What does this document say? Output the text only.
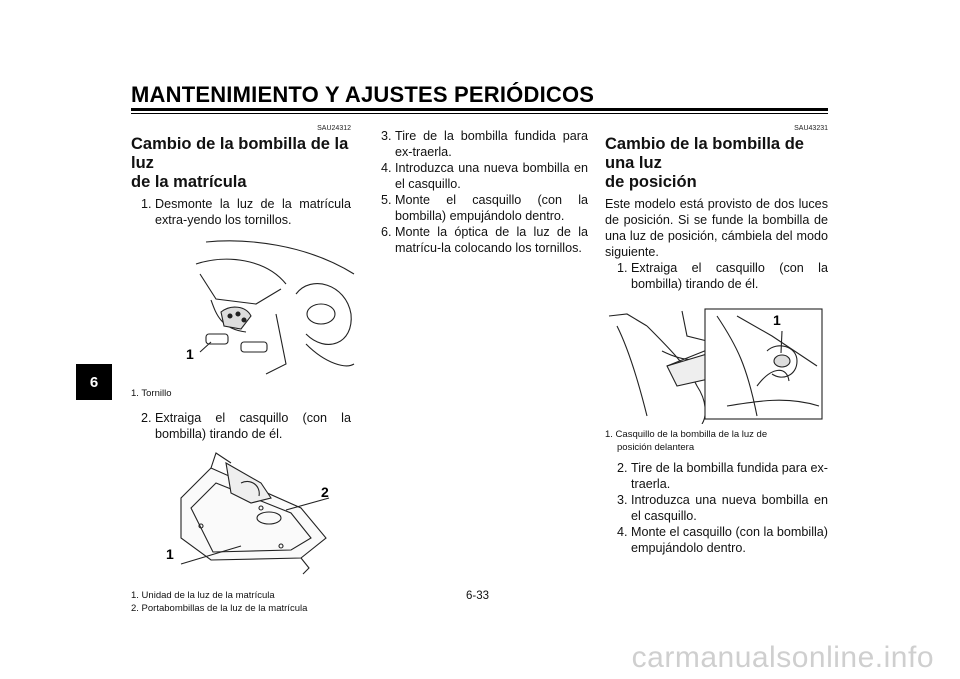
MANTENIMIENTO Y AJUSTES PERIÓDICOS
6
SAU24312
Cambio de la bombilla de la luz
de la matrícula
1. Desmonte la luz de la matrícula extra-yendo los tornillos.
1
1. Tornillo
2. Extraiga el casquillo (con la bombilla) tirando de él.
2
1
1. Unidad de la luz de la matrícula
2. Portabombillas de la luz de la matrícula
3. Tire de la bombilla fundida para ex-traerla.
4. Introduzca una nueva bombilla en el casquillo.
5. Monte el casquillo (con la bombilla) empujándolo dentro.
6. Monte la óptica de la luz de la matrícu-la colocando los tornillos.
SAU43231
Cambio de la bombilla de una luz
de posición
Este modelo está provisto de dos luces de posición. Si se funde la bombilla de una luz de posición, cámbiela del modo siguiente.
1. Extraiga el casquillo (con la bombilla) tirando de él.
1
1. Casquillo de la bombilla de la luz de
posición delantera
2. Tire de la bombilla fundida para ex-traerla.
3. Introduzca una nueva bombilla en el casquillo.
4. Monte el casquillo (con la bombilla) empujándolo dentro.
6-33
carmanualsonline.info
